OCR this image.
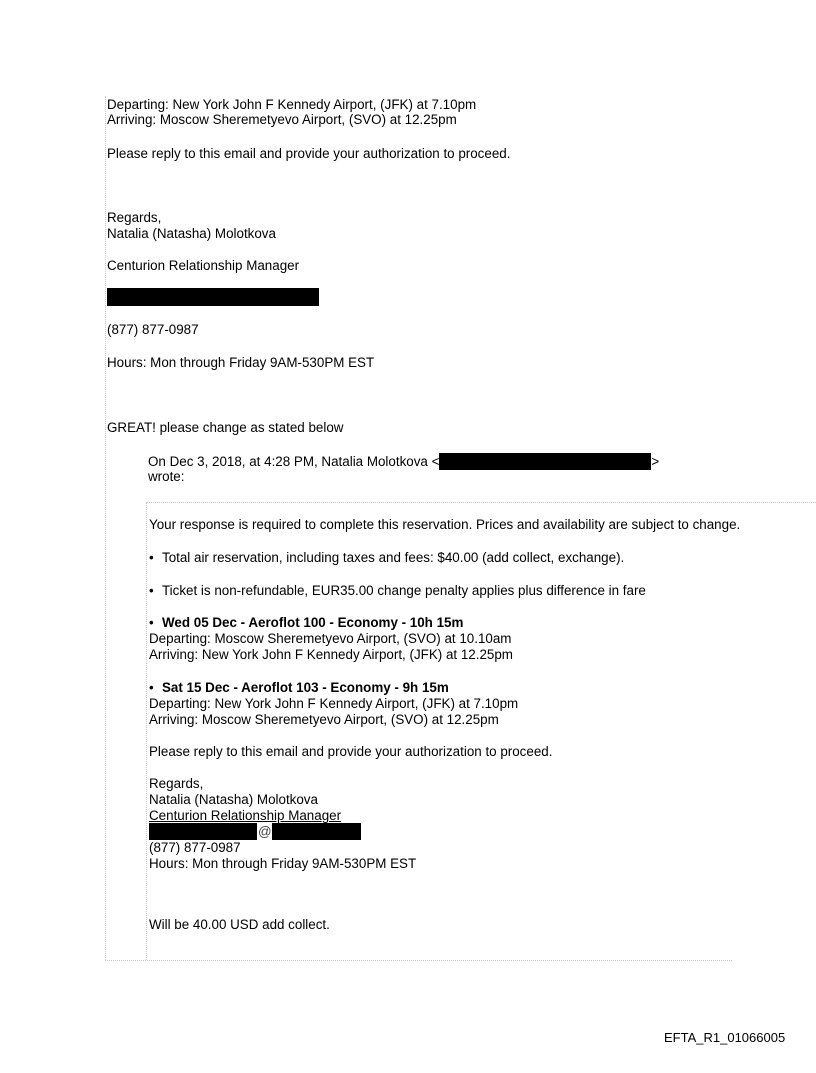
Departing: New York John F Kennedy Airport, (JFK) at 7.10pm
Arriving: Moscow Sheremetyevo Airport, (SVO) at 12.25pm
Please reply to this email and provide your authorization to proceed.
Regards,
Natalia (Natasha) Molotkova
Centurion Relationship Manager
(877) 877-0987
Hours: Mon through Friday 9AM-530PM EST
GREAT! please change as stated below
On Dec 3, 2018, at 4:28 PM, Natalia Molotkova <	>
wrote:
Your response is required to complete this reservation. Prices and availability are subject to change.
• Total air reservation, including taxes and fees: $40.00 (add collect, exchange).
• Ticket is non-refundable, EUR35.00 change penalty applies plus difference in fare
• Wed 05 Dec - Aeroflot 100 - Economy - 10h 15m
Departing: Moscow Sheremetyevo Airport, (SVO) at 10.10am
Arriving: New York John F Kennedy Airport, (JFK) at 12.25pm
• Sat 15 Dec - Aeroflot 103 - Economy - 9h 15m
Departing: New York John F Kennedy Airport, (JFK) at 7.10pm
Arriving: Moscow Sheremetyevo Airport, (SVO) at 12.25pm
Please reply to this email and provide your authorization to proceed.
Regards,
Natalia (Natasha) Molotkova
Centurion Relationship Manager
@
(877) 877-0987
Hours: Mon through Friday 9AM-530PM EST
Will be 40.00 USD add collect.
EFTA_R1_01066005
